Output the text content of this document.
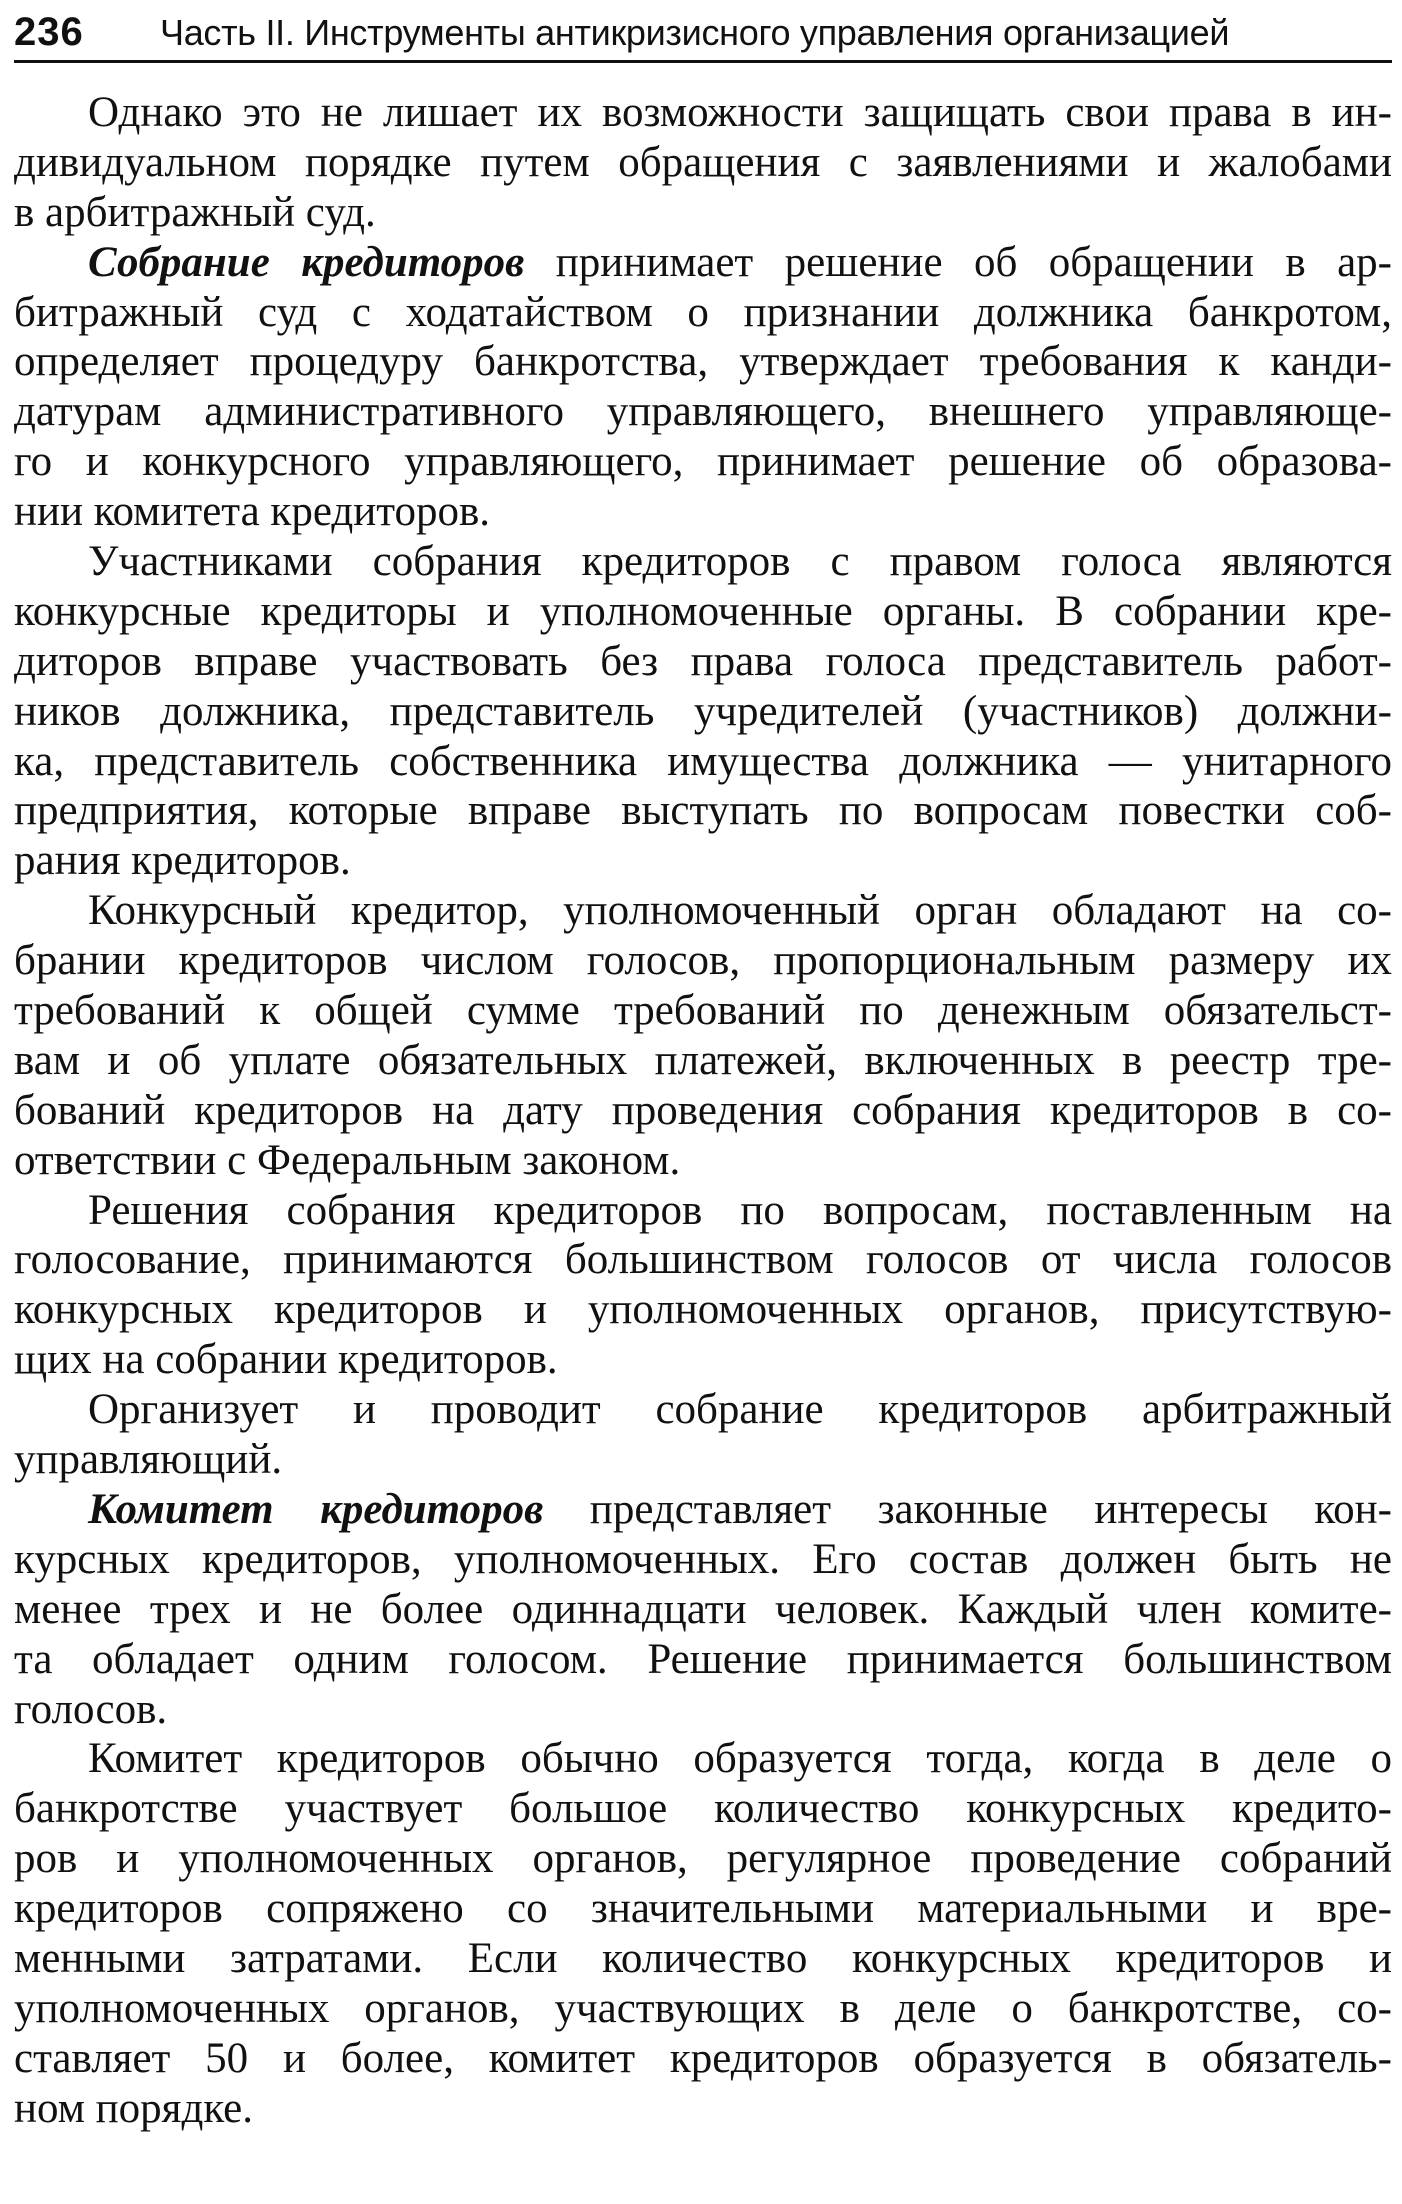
236 Часть II. Инструменты антикризисного управления организацией
Однако это не лишает их возможности защищать свои права в ин-
дивидуальном порядке путем обращения с заявлениями и жалобами
в арбитражный суд.
Собрание кредиторов принимает решение об обращении в ар-
битражный суд с ходатайством о признании должника банкротом,
определяет процедуру банкротства, утверждает требования к канди-
датурам административного управляющего, внешнего управляюще-
го и конкурсного управляющего, принимает решение об образова-
нии комитета кредиторов.
Участниками собрания кредиторов с правом голоса являются
конкурсные кредиторы и уполномоченные органы. В собрании кре-
диторов вправе участвовать без права голоса представитель работ-
ников должника, представитель учредителей (участников) должни-
ка, представитель собственника имущества должника — унитарного
предприятия, которые вправе выступать по вопросам повестки соб-
рания кредиторов.
Конкурсный кредитор, уполномоченный орган обладают на со-
брании кредиторов числом голосов, пропорциональным размеру их
требований к общей сумме требований по денежным обязательст-
вам и об уплате обязательных платежей, включенных в реестр тре-
бований кредиторов на дату проведения собрания кредиторов в со-
ответствии с Федеральным законом.
Решения собрания кредиторов по вопросам, поставленным на
голосование, принимаются большинством голосов от числа голосов
конкурсных кредиторов и уполномоченных органов, присутствую-
щих на собрании кредиторов.
Организует и проводит собрание кредиторов арбитражный
управляющий.
Комитет кредиторов представляет законные интересы кон-
курсных кредиторов, уполномоченных. Его состав должен быть не
менее трех и не более одиннадцати человек. Каждый член комите-
та обладает одним голосом. Решение принимается большинством
голосов.
Комитет кредиторов обычно образуется тогда, когда в деле о
банкротстве участвует большое количество конкурсных кредито-
ров и уполномоченных органов, регулярное проведение собраний
кредиторов сопряжено со значительными материальными и вре-
менными затратами. Если количество конкурсных кредиторов и
уполномоченных органов, участвующих в деле о банкротстве, со-
ставляет 50 и более, комитет кредиторов образуется в обязатель-
ном порядке.
